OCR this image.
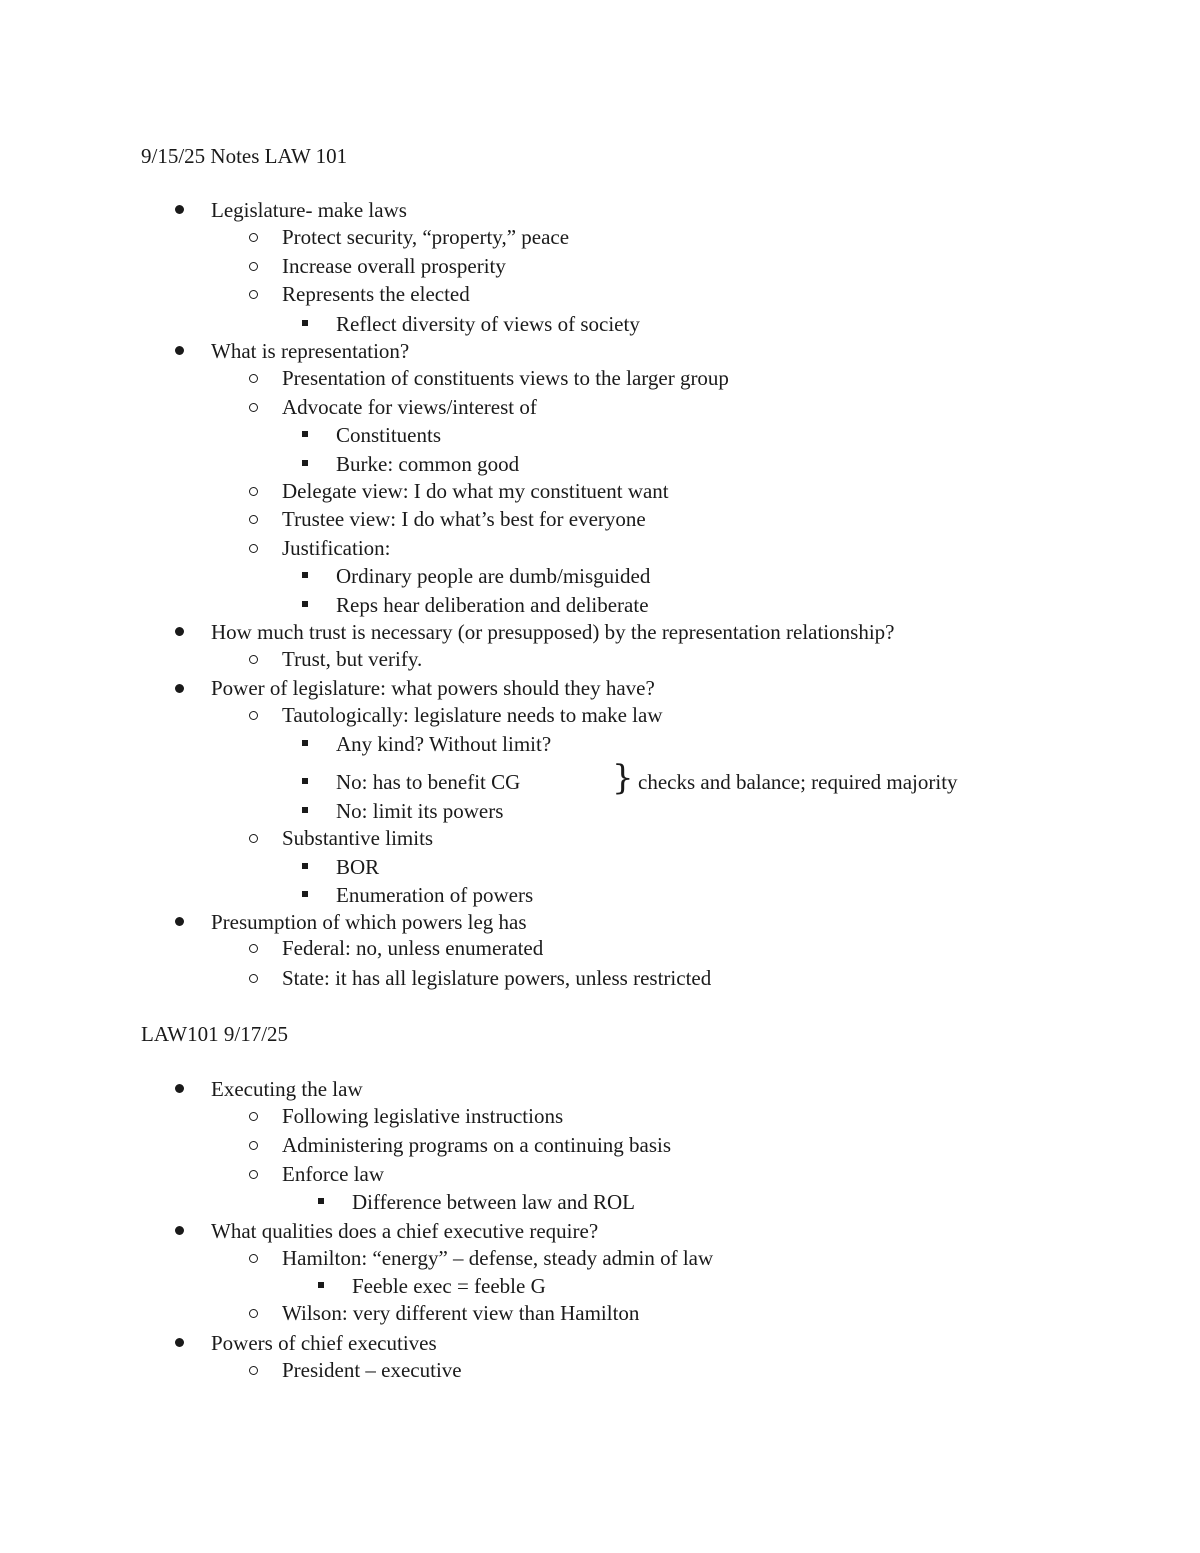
9/15/25 Notes LAW 101
Legislature- make laws
Protect security, “property,” peace
Increase overall prosperity
Represents the elected
Reflect diversity of views of society
What is representation?
Presentation of constituents views to the larger group
Advocate for views/interest of
Constituents
Burke: common good
Delegate view: I do what my constituent want
Trustee view: I do what’s best for everyone
Justification:
Ordinary people are dumb/misguided
Reps hear deliberation and deliberate
How much trust is necessary (or presupposed) by the representation relationship?
Trust, but verify.
Power of legislature: what powers should they have?
Tautologically: legislature needs to make law
Any kind? Without limit?
No: has to benefit CG	} checks and balance; required majority
No: limit its powers
Substantive limits
BOR
Enumeration of powers
Presumption of which powers leg has
Federal: no, unless enumerated
State: it has all legislature powers, unless restricted
LAW101 9/17/25
Executing the law
Following legislative instructions
Administering programs on a continuing basis
Enforce law
Difference between law and ROL
What qualities does a chief executive require?
Hamilton: “energy” – defense, steady admin of law
Feeble exec = feeble G
Wilson: very different view than Hamilton
Powers of chief executives
President – executive
